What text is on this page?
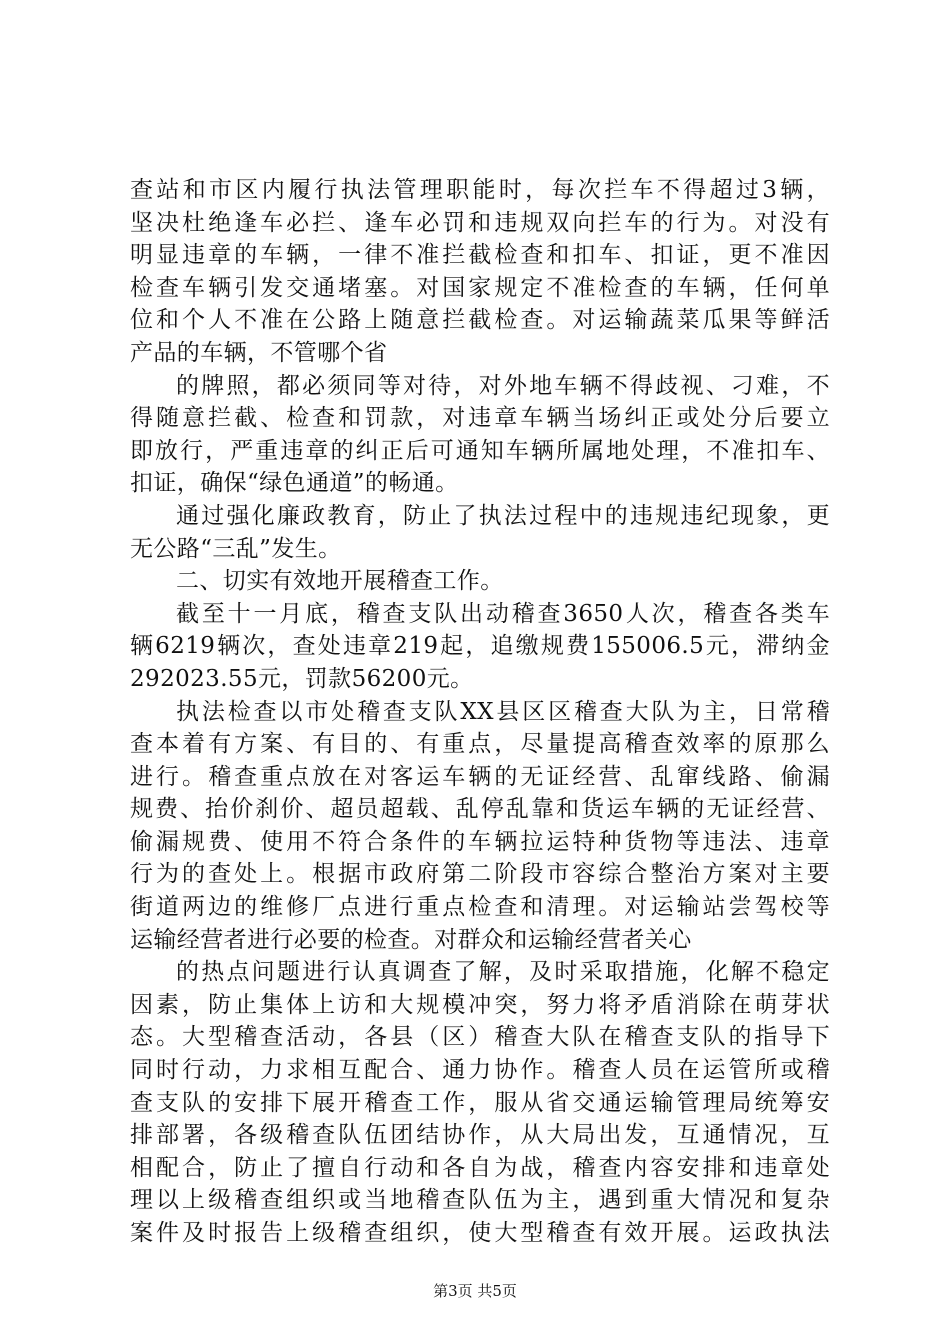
查站和市区内履行执法管理职能时，每次拦车不得超过3辆，
坚决杜绝逢车必拦、逢车必罚和违规双向拦车的行为。对没有
明显违章的车辆，一律不准拦截检查和扣车、扣证，更不准因
检查车辆引发交通堵塞。对国家规定不准检查的车辆，任何单
位和个人不准在公路上随意拦截检查。对运输蔬菜瓜果等鲜活
产品的车辆，不管哪个省
的牌照，都必须同等对待，对外地车辆不得歧视、刁难，不
得随意拦截、检查和罚款，对违章车辆当场纠正或处分后要立
即放行，严重违章的纠正后可通知车辆所属地处理，不准扣车、
扣证，确保“绿色通道”的畅通。
通过强化廉政教育，防止了执法过程中的违规违纪现象，更
无公路“三乱”发生。
二、切实有效地开展稽查工作。
截至十一月底，稽查支队出动稽查3650人次，稽查各类车
辆6219辆次，查处违章219起，追缴规费155006.5元，滞纳金
292023.55元，罚款56200元。
执法检查以市处稽查支队XX县区区稽查大队为主，日常稽
查本着有方案、有目的、有重点，尽量提高稽查效率的原那么
进行。稽查重点放在对客运车辆的无证经营、乱窜线路、偷漏
规费、抬价刹价、超员超载、乱停乱靠和货运车辆的无证经营、
偷漏规费、使用不符合条件的车辆拉运特种货物等违法、违章
行为的查处上。根据市政府第二阶段市容综合整治方案对主要
街道两边的维修厂点进行重点检查和清理。对运输站尝驾校等
运输经营者进行必要的检查。对群众和运输经营者关心
的热点问题进行认真调查了解，及时采取措施，化解不稳定
因素，防止集体上访和大规模冲突，努力将矛盾消除在萌芽状
态。大型稽查活动，各县（区）稽查大队在稽查支队的指导下
同时行动，力求相互配合、通力协作。稽查人员在运管所或稽
查支队的安排下展开稽查工作，服从省交通运输管理局统筹安
排部署，各级稽查队伍团结协作，从大局出发，互通情况，互
相配合，防止了擅自行动和各自为战，稽查内容安排和违章处
理以上级稽查组织或当地稽查队伍为主，遇到重大情况和复杂
案件及时报告上级稽查组织，使大型稽查有效开展。运政执法
第3页 共5页
